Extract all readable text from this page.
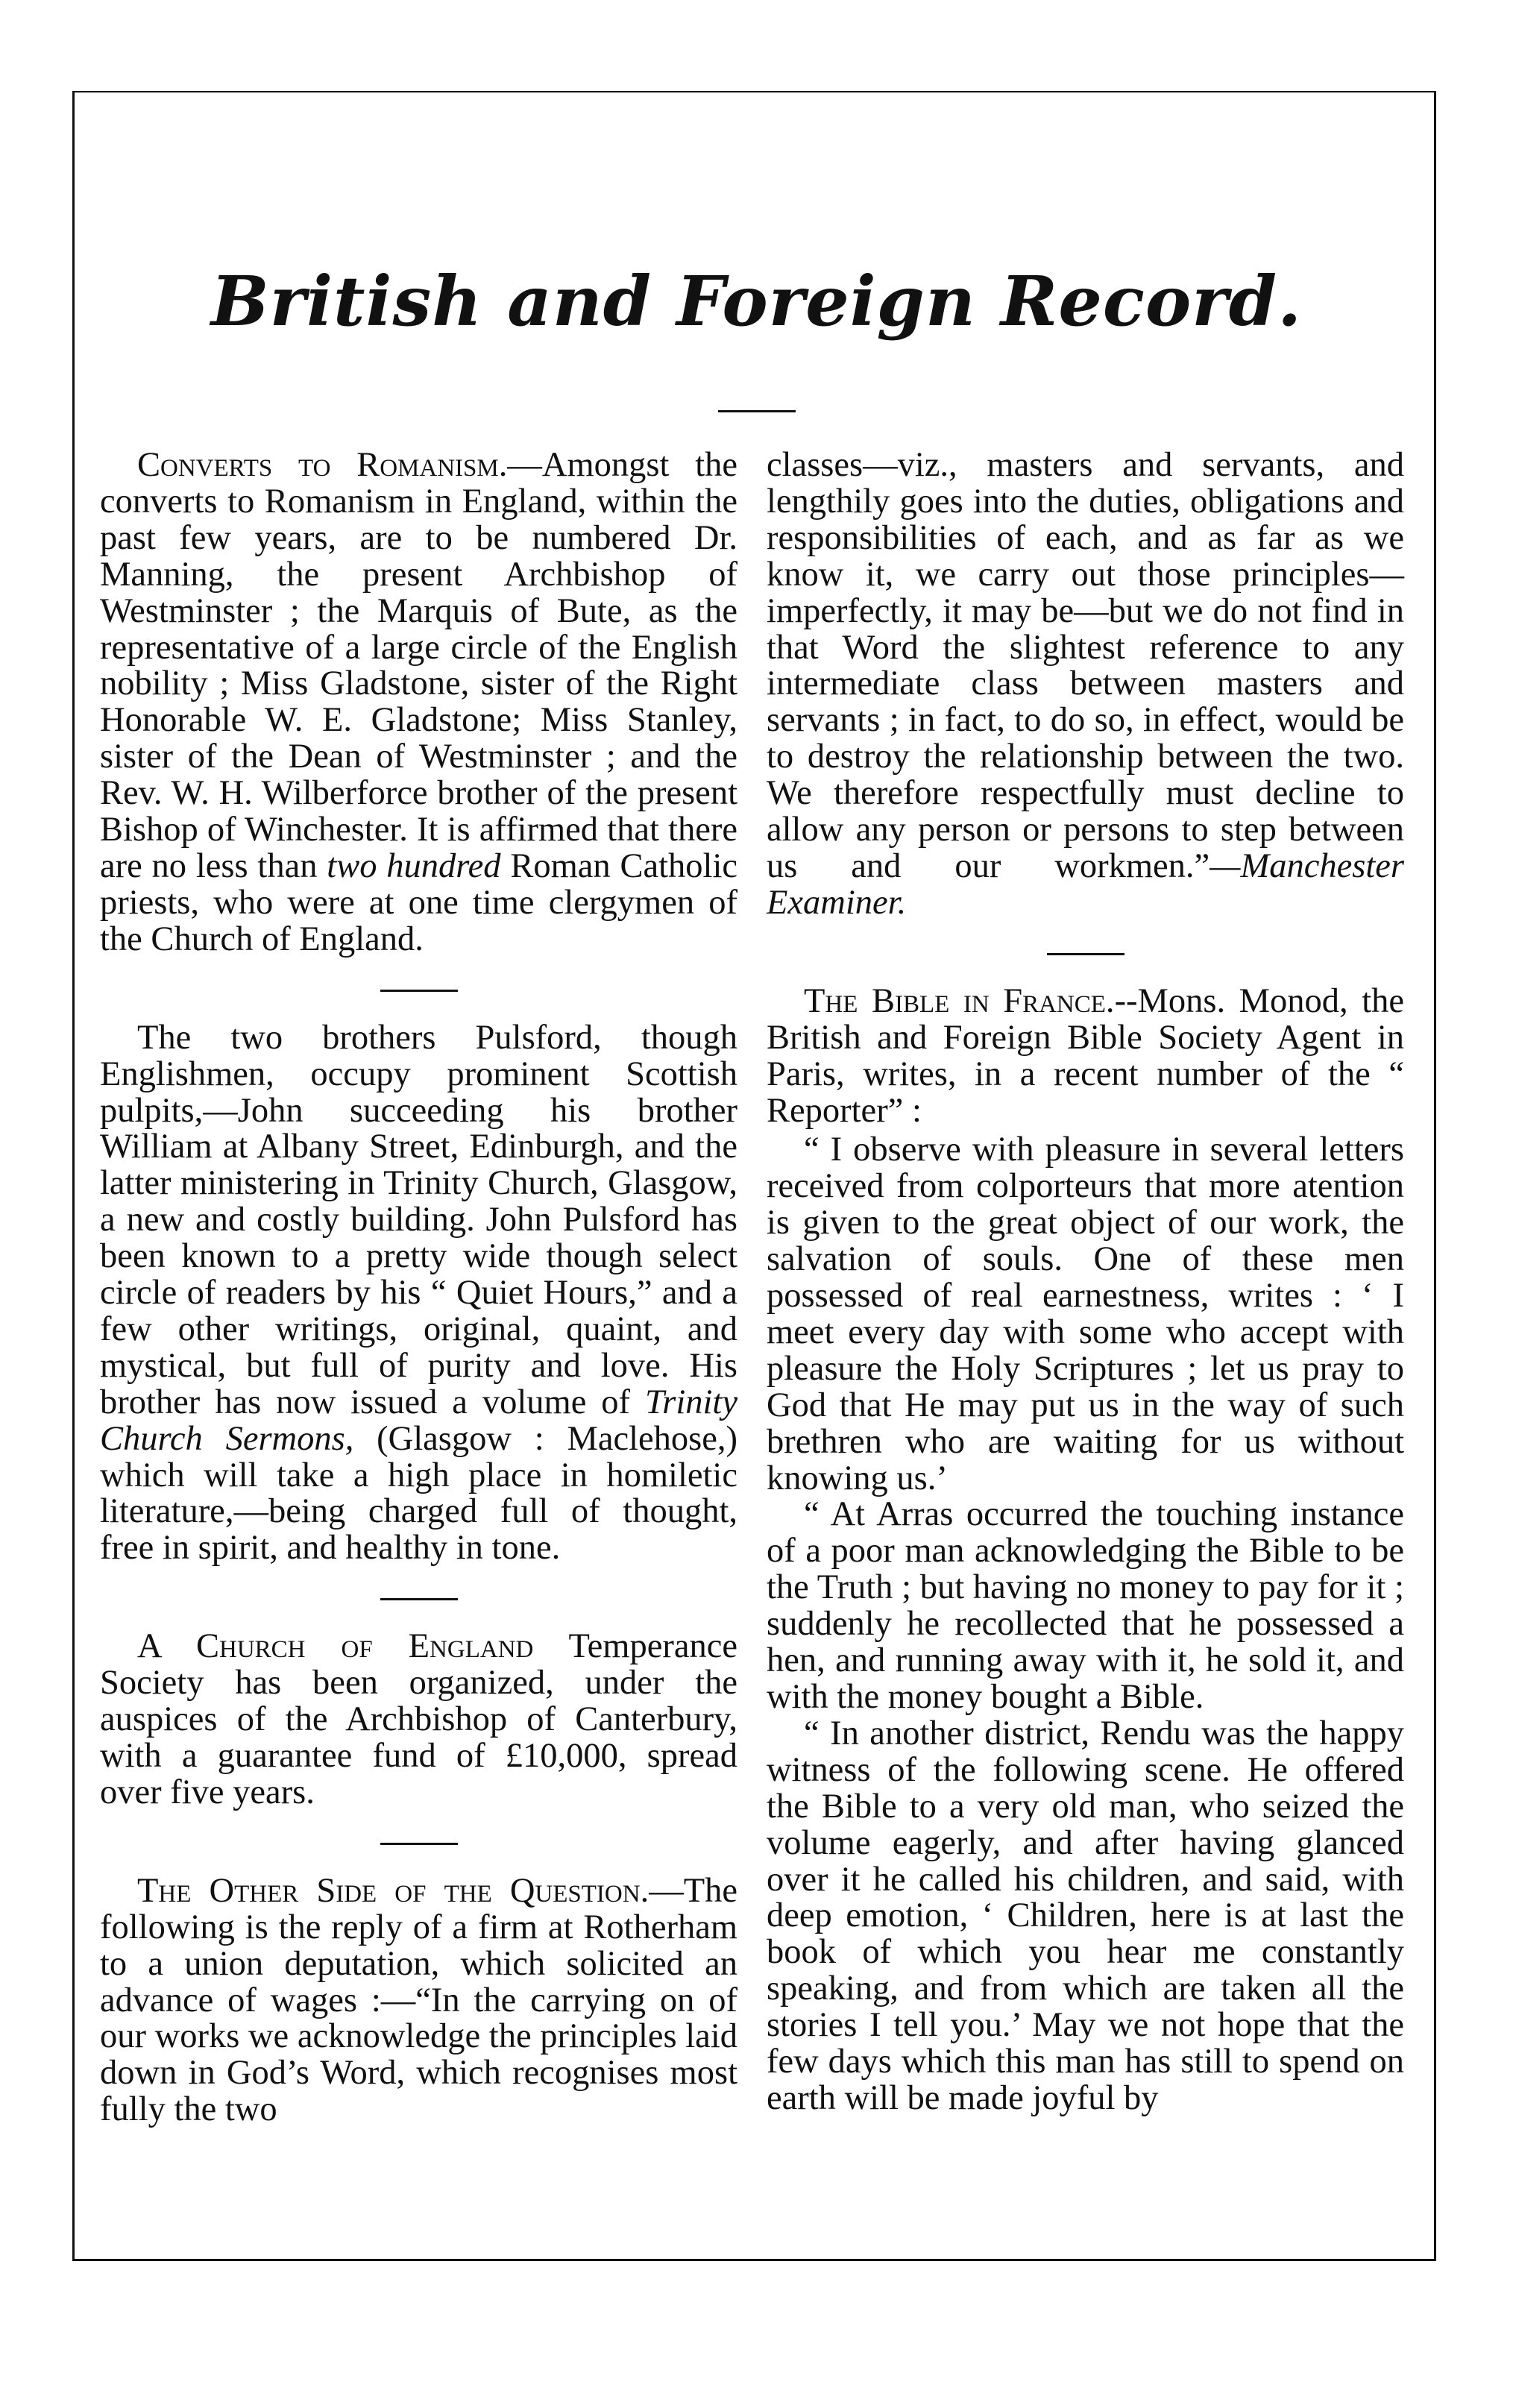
British and Foreign Record.

Converts to Romanism.—Amongst the converts to Romanism in England, within the past few years, are to be numbered Dr. Manning, the present Archbishop of Westminster ; the Marquis of Bute, as the representative of a large circle of the English nobility ; Miss Gladstone, sister of the Right Honorable W. E. Gladstone; Miss Stanley, sister of the Dean of Westminster ; and the Rev. W. H. Wilberforce brother of the present Bishop of Winchester. It is affirmed that there are no less than two hundred Roman Catholic priests, who were at one time clergymen of the Church of England.

The two brothers Pulsford, though Englishmen, occupy prominent Scottish pulpits,—John succeeding his brother William at Albany Street, Edinburgh, and the latter ministering in Trinity Church, Glasgow, a new and costly building. John Pulsford has been known to a pretty wide though select circle of readers by his “ Quiet Hours,” and a few other writings, original, quaint, and mystical, but full of purity and love. His brother has now issued a volume of Trinity Church Sermons, (Glasgow : Maclehose,) which will take a high place in homiletic literature,—being charged full of thought, free in spirit, and healthy in tone.

A Church of England Temperance Society has been organized, under the auspices of the Archbishop of Canterbury, with a guarantee fund of £10,000, spread over five years.

The Other Side of the Question.—The following is the reply of a firm at Rotherham to a union deputation, which solicited an advance of wages :—“In the carrying on of our works we acknowledge the principles laid down in God’s Word, which recognises most fully the two

classes—viz., masters and servants, and lengthily goes into the duties, obligations and responsibilities of each, and as far as we know it, we carry out those principles—imperfectly, it may be—but we do not find in that Word the slightest reference to any intermediate class between masters and servants ; in fact, to do so, in effect, would be to destroy the relationship between the two. We therefore respectfully must decline to allow any person or persons to step between us and our workmen.”—Manchester Examiner.

The Bible in France.--Mons. Monod, the British and Foreign Bible Society Agent in Paris, writes, in a recent number of the “ Reporter” :

“ I observe with pleasure in several letters received from colporteurs that more atention is given to the great object of our work, the salvation of souls. One of these men possessed of real earnestness, writes : ‘ I meet every day with some who accept with pleasure the Holy Scriptures ; let us pray to God that He may put us in the way of such brethren who are waiting for us without knowing us.’

“ At Arras occurred the touching instance of a poor man acknowledging the Bible to be the Truth ; but having no money to pay for it ; suddenly he recollected that he possessed a hen, and running away with it, he sold it, and with the money bought a Bible.

“ In another district, Rendu was the happy witness of the following scene. He offered the Bible to a very old man, who seized the volume eagerly, and after having glanced over it he called his children, and said, with deep emotion, ‘ Children, here is at last the book of which you hear me constantly speaking, and from which are taken all the stories I tell you.’ May we not hope that the few days which this man has still to spend on earth will be made joyful by
